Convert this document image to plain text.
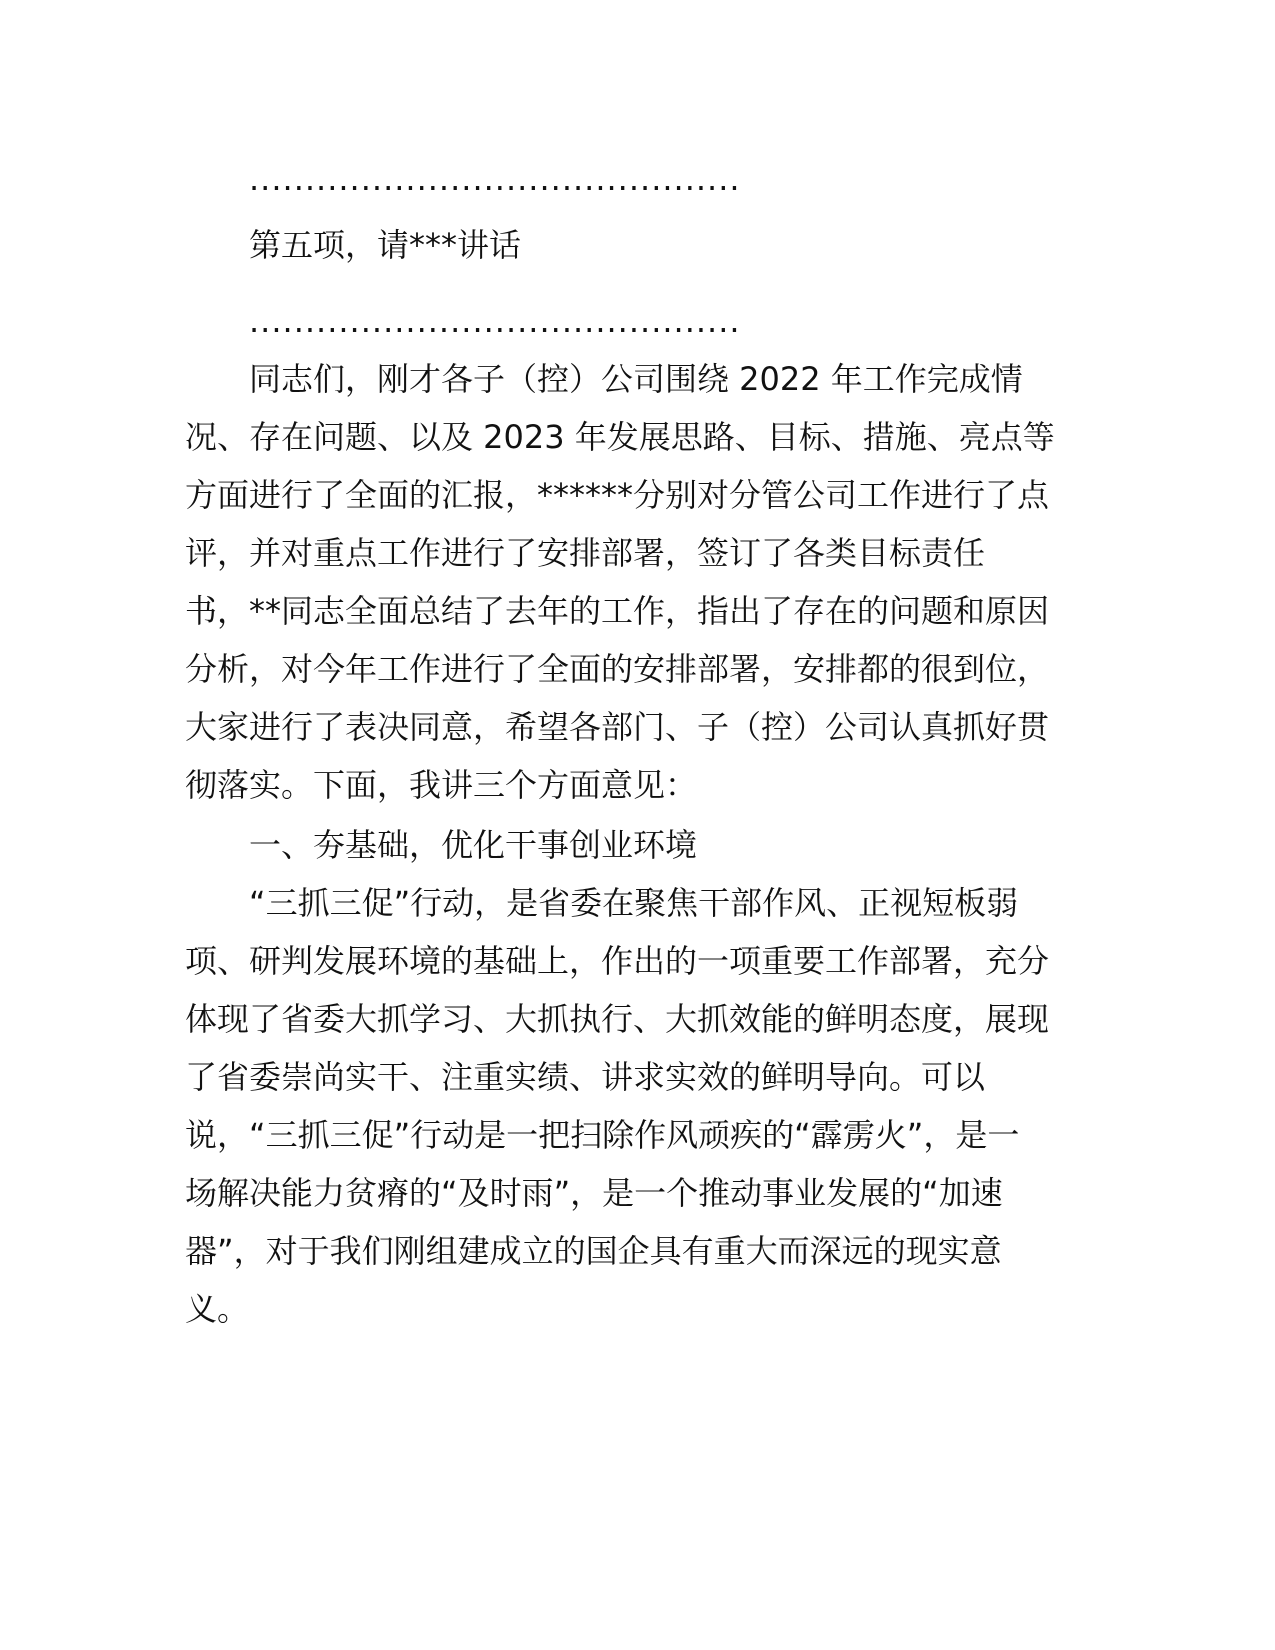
............................................

第五项，请***讲话

............................................

同志们，刚才各子（控）公司围绕 2022 年工作完成情
况、存在问题、以及 2023 年发展思路、目标、措施、亮点等
方面进行了全面的汇报，******分别对分管公司工作进行了点
评，并对重点工作进行了安排部署，签订了各类目标责任
书，**同志全面总结了去年的工作，指出了存在的问题和原因
分析，对今年工作进行了全面的安排部署，安排都的很到位，
大家进行了表决同意，希望各部门、子（控）公司认真抓好贯
彻落实。下面，我讲三个方面意见：

一、夯基础，优化干事创业环境

“三抓三促”行动，是省委在聚焦干部作风、正视短板弱
项、研判发展环境的基础上，作出的一项重要工作部署，充分
体现了省委大抓学习、大抓执行、大抓效能的鲜明态度，展现
了省委崇尚实干、注重实绩、讲求实效的鲜明导向。可以
说，“三抓三促”行动是一把扫除作风顽疾的“霹雳火”，是一
场解决能力贫瘠的“及时雨”，是一个推动事业发展的“加速
器”，对于我们刚组建成立的国企具有重大而深远的现实意
义。
